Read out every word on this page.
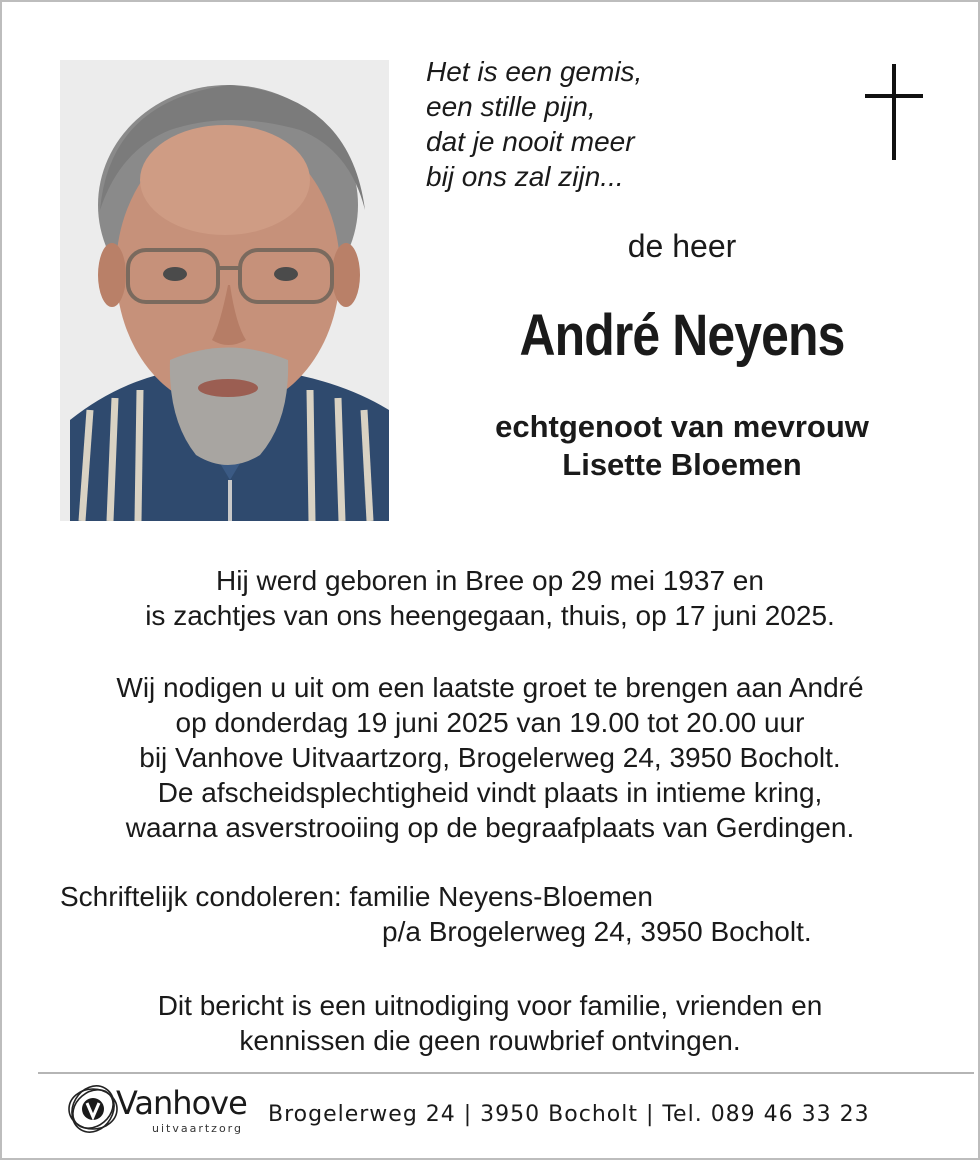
Het is een gemis,
een stille pijn,
dat je nooit meer
bij ons zal zijn...
de heer
André Neyens
echtgenoot van mevrouw
Lisette Bloemen
Hij werd geboren in Bree op 29 mei 1937 en
is zachtjes van ons heengegaan, thuis, op 17 juni 2025.
Wij nodigen u uit om een laatste groet te brengen aan André
op donderdag 19 juni 2025 van 19.00 tot 20.00 uur
bij Vanhove Uitvaartzorg, Brogelerweg 24, 3950 Bocholt.
De afscheidsplechtigheid vindt plaats in intieme kring,
waarna asverstrooiing op de begraafplaats van Gerdingen.
Schriftelijk condoleren: familie Neyens-Bloemen
p/a Brogelerweg 24, 3950 Bocholt.
Dit bericht is een uitnodiging voor familie, vrienden en
kennissen die geen rouwbrief ontvingen.
Vanhove
uitvaartzorg
Brogelerweg 24 | 3950 Bocholt | Tel. 089 46 33 23
